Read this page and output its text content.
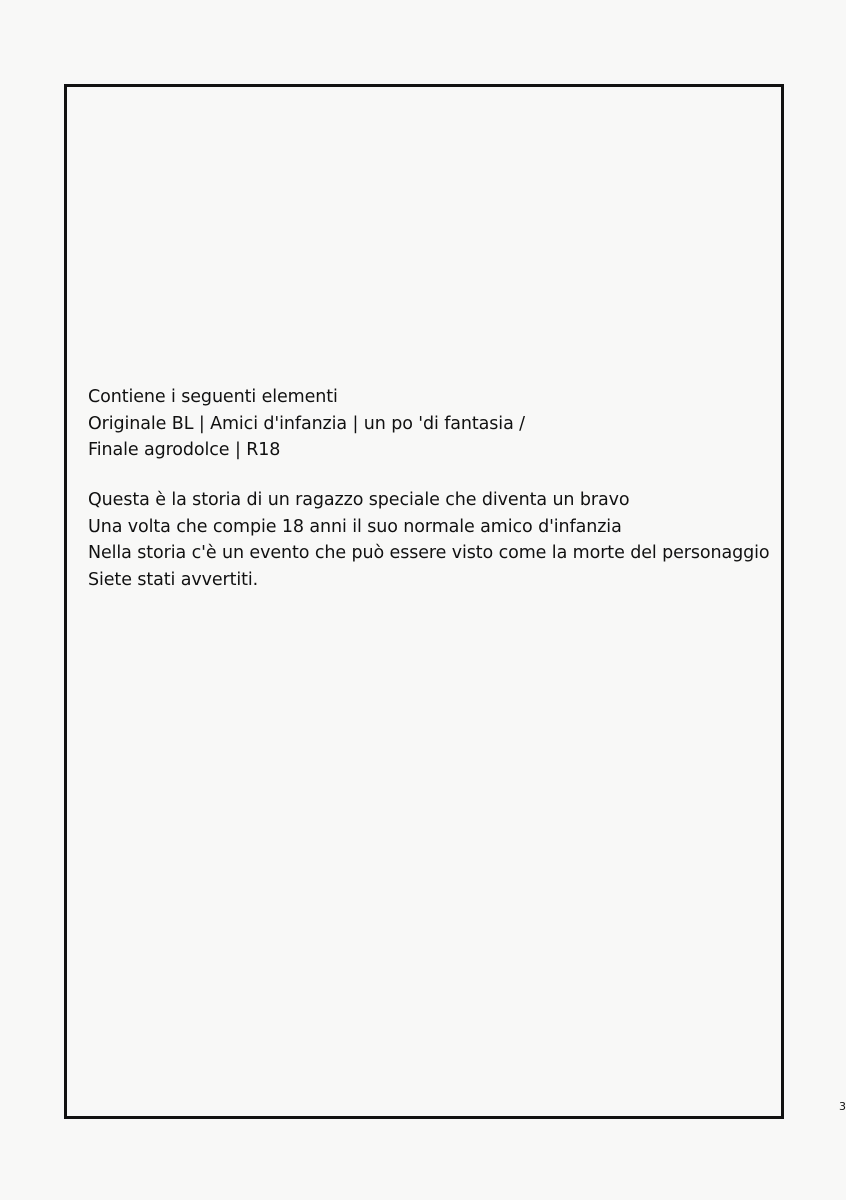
Contiene i seguenti elementi
Originale BL | Amici d'infanzia | un po 'di fantasia /
Finale agrodolce | R18
Questa è la storia di un ragazzo speciale che diventa un bravo
Una volta che compie 18 anni il suo normale amico d'infanzia
Nella storia c'è un evento che può essere visto come la morte del personaggio
Siete stati avvertiti.
3
